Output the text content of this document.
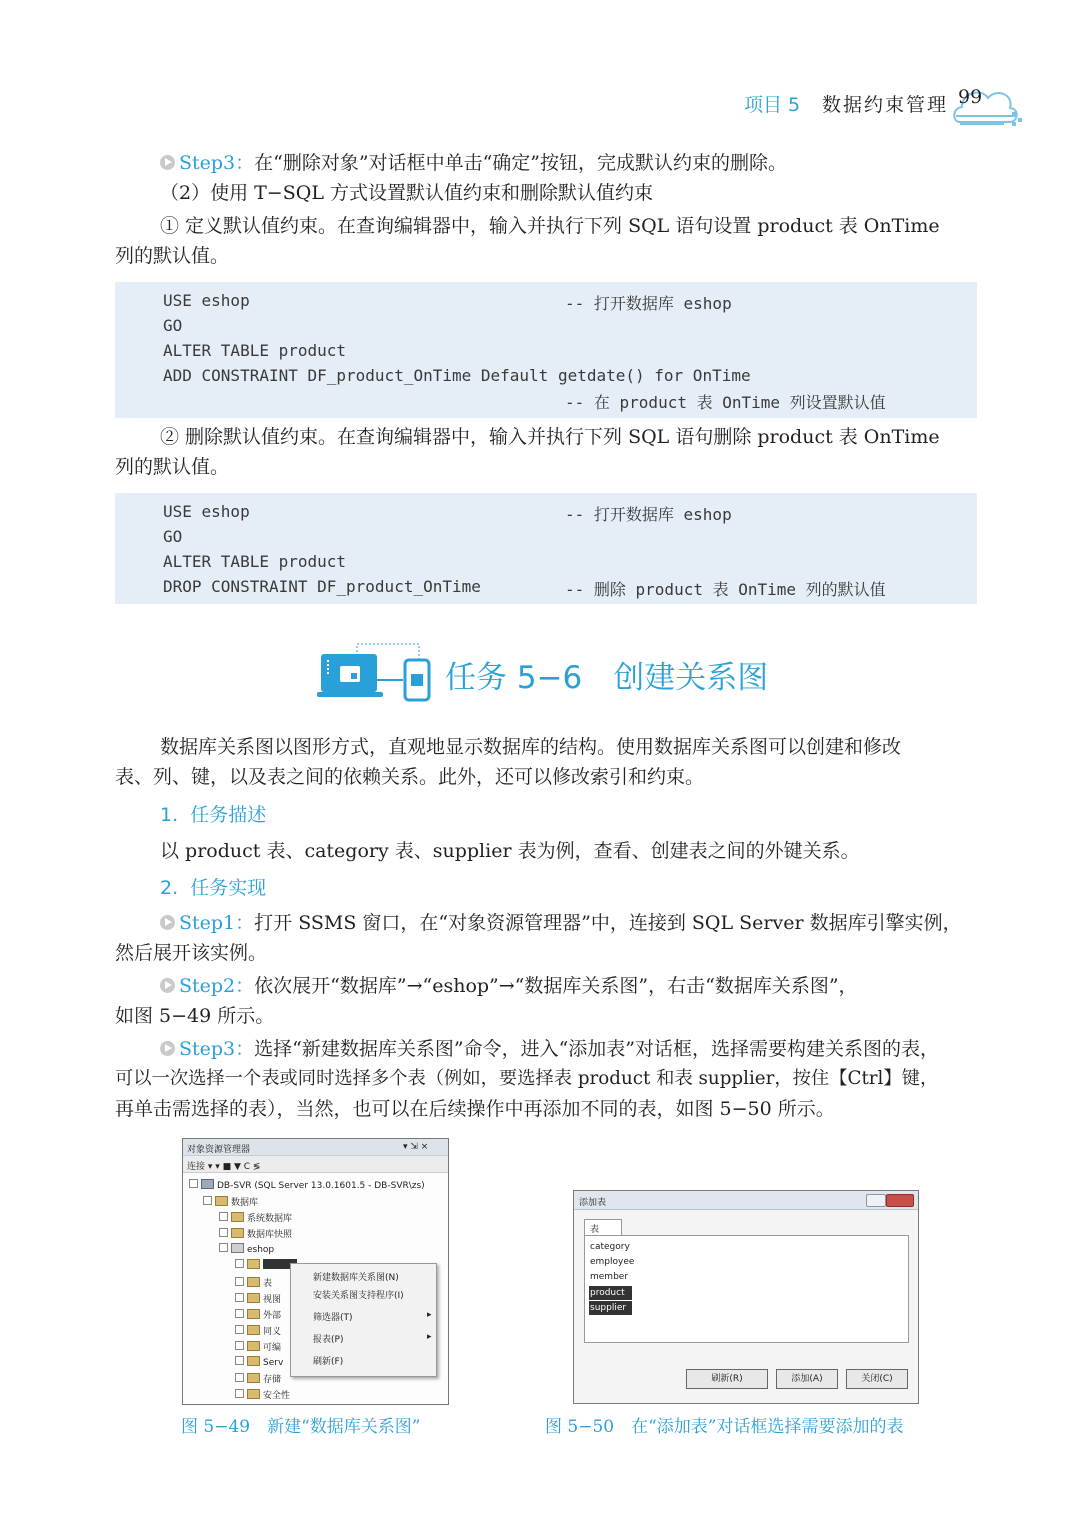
项目 5 数据约束管理 99
Step3：在“删除对象”对话框中单击“确定”按钮，完成默认约束的删除。
（2）使用 T−SQL 方式设置默认值约束和删除默认值约束
① 定义默认值约束。在查询编辑器中，输入并执行下列 SQL 语句设置 product 表 OnTime
列的默认值。
USE eshop	-- 打开数据库 eshop
GO
ALTER TABLE product
ADD CONSTRAINT DF_product_OnTime Default getdate() for OnTime
-- 在 product 表 OnTime 列设置默认值
② 删除默认值约束。在查询编辑器中，输入并执行下列 SQL 语句删除 product 表 OnTime
列的默认值。
USE eshop	-- 打开数据库 eshop
GO
ALTER TABLE product
DROP CONSTRAINT DF_product_OnTime	-- 删除 product 表 OnTime 列的默认值
任务 5−6　创建关系图
数据库关系图以图形方式，直观地显示数据库的结构。使用数据库关系图可以创建和修改
表、列、键，以及表之间的依赖关系。此外，还可以修改索引和约束。
1. 任务描述
以 product 表、category 表、supplier 表为例，查看、创建表之间的外键关系。
2. 任务实现
Step1：打开 SSMS 窗口，在“对象资源管理器”中，连接到 SQL Server 数据库引擎实例，
然后展开该实例。
Step2：依次展开“数据库”→“eshop”→“数据库关系图”，右击“数据库关系图”，
如图 5−49 所示。
Step3：选择“新建数据库关系图”命令，进入“添加表”对话框，选择需要构建关系图的表，
可以一次选择一个表或同时选择多个表（例如，要选择表 product 和表 supplier，按住【Ctrl】键，
再单击需选择的表），当然，也可以在后续操作中再添加不同的表，如图 5−50 所示。
对象资源管理器	▾ ⇲ ×
连接 ▾ ▾ ■ ▼ C ≶
DB-SVR (SQL Server 13.0.1601.5 - DB-SVR\zs)
数据库
系统数据库
数据库快照
eshop
表
视图
外部
同义
可编
Serv
存储
安全性
新建数据库关系图(N)
安装关系图支持程序(I)
筛选器(T)	▸
报表(P)	▸
刷新(F)
图 5−49　新建“数据库关系图”
添加表
表
category
employee
member
product
supplier
刷新(R)	添加(A)	关闭(C)
图 5−50　在“添加表”对话框选择需要添加的表
